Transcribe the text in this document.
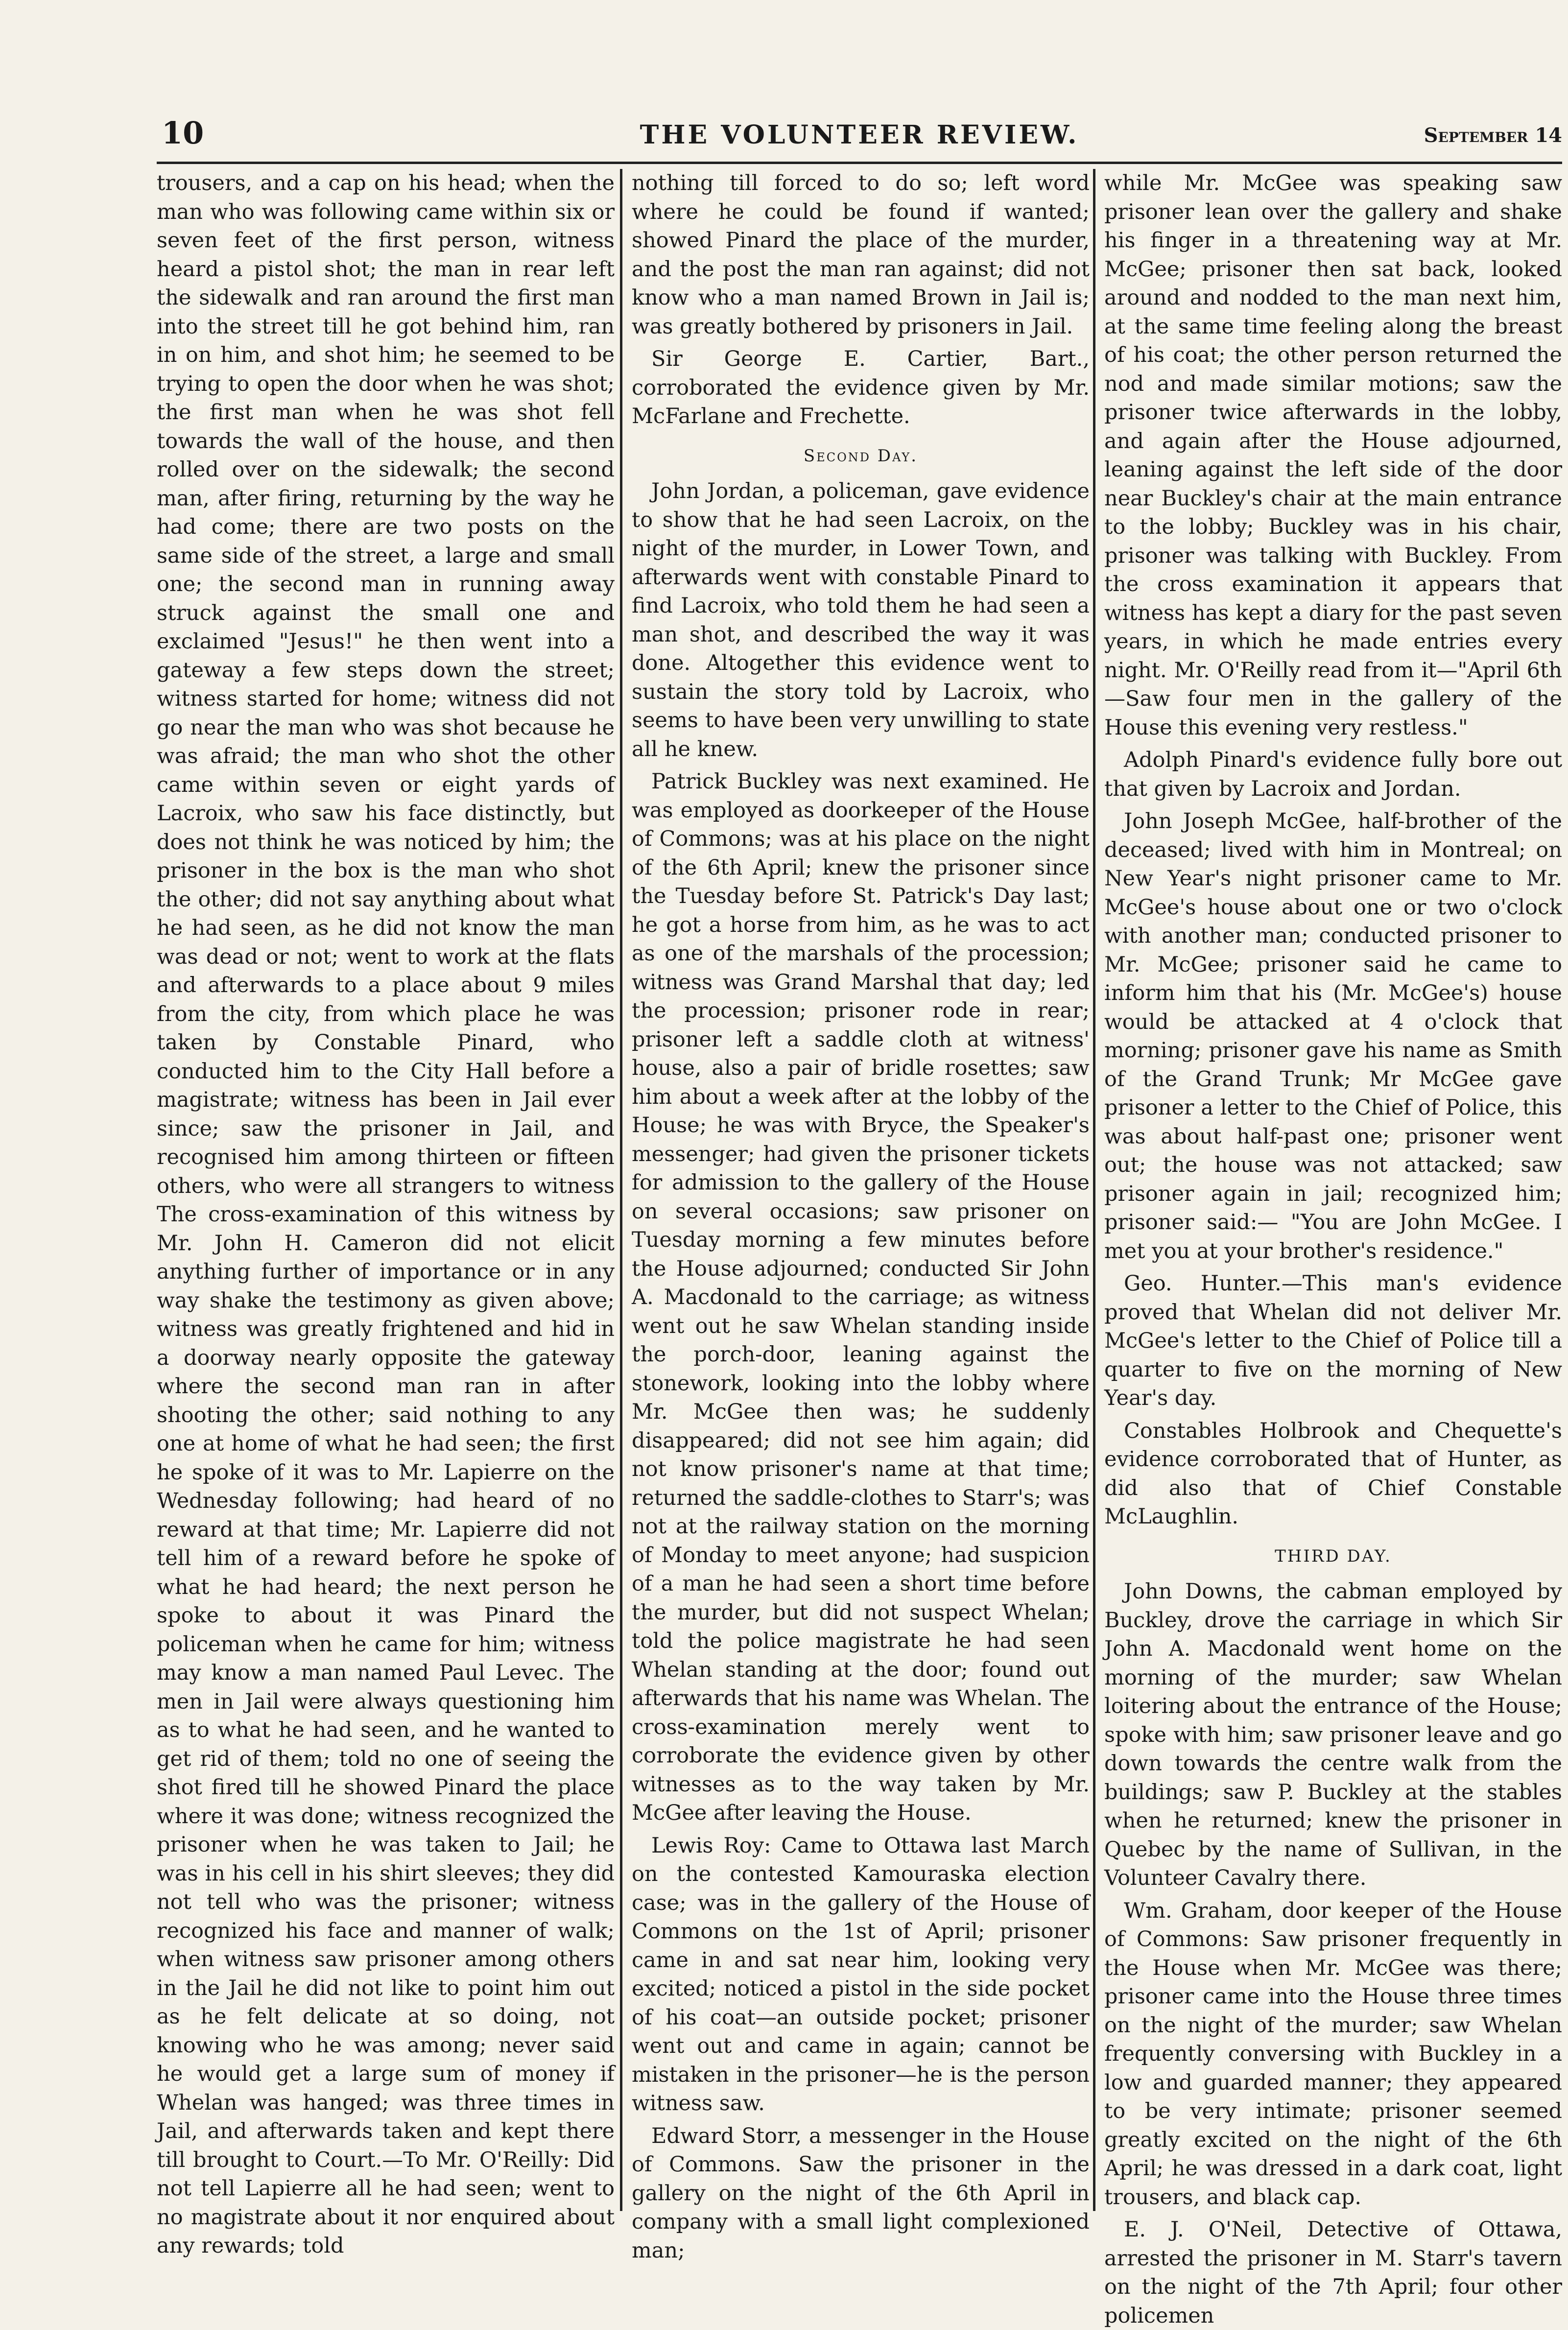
10	THE VOLUNTEER REVIEW.	September 14

trousers, and a cap on his head; when the man who was following came within six or seven feet of the first person, witness heard a pistol shot; the man in rear left the sidewalk and ran around the first man into the street till he got behind him, ran in on him, and shot him; he seemed to be trying to open the door when he was shot; the first man when he was shot fell towards the wall of the house, and then rolled over on the sidewalk; the second man, after firing, returning by the way he had come; there are two posts on the same side of the street, a large and small one; the second man in running away struck against the small one and exclaimed "Jesus!" he then went into a gateway a few steps down the street; witness started for home; witness did not go near the man who was shot because he was afraid; the man who shot the other came within seven or eight yards of Lacroix, who saw his face distinctly, but does not think he was noticed by him; the prisoner in the box is the man who shot the other; did not say anything about what he had seen, as he did not know the man was dead or not; went to work at the flats and afterwards to a place about 9 miles from the city, from which place he was taken by Constable Pinard, who conducted him to the City Hall before a magistrate; witness has been in Jail ever since; saw the prisoner in Jail, and recognised him among thirteen or fifteen others, who were all strangers to witness The cross-examination of this witness by Mr. John H. Cameron did not elicit anything further of importance or in any way shake the testimony as given above; witness was greatly frightened and hid in a doorway nearly opposite the gateway where the second man ran in after shooting the other; said nothing to any one at home of what he had seen; the first he spoke of it was to Mr. Lapierre on the Wednesday following; had heard of no reward at that time; Mr. Lapierre did not tell him of a reward before he spoke of what he had heard; the next person he spoke to about it was Pinard the policeman when he came for him; witness may know a man named Paul Levec. The men in Jail were always questioning him as to what he had seen, and he wanted to get rid of them; told no one of seeing the shot fired till he showed Pinard the place where it was done; witness recognized the prisoner when he was taken to Jail; he was in his cell in his shirt sleeves; they did not tell who was the prisoner; witness recognized his face and manner of walk; when witness saw prisoner among others in the Jail he did not like to point him out as he felt delicate at so doing, not knowing who he was among; never said he would get a large sum of money if Whelan was hanged; was three times in Jail, and afterwards taken and kept there till brought to Court.—To Mr. O'Reilly: Did not tell Lapierre all he had seen; went to no magistrate about it nor enquired about any rewards; told

nothing till forced to do so; left word where he could be found if wanted; showed Pinard the place of the murder, and the post the man ran against; did not know who a man named Brown in Jail is; was greatly bothered by prisoners in Jail.

Sir George E. Cartier, Bart., corroborated the evidence given by Mr. McFarlane and Frechette.

Second Day.

John Jordan, a policeman, gave evidence to show that he had seen Lacroix, on the night of the murder, in Lower Town, and afterwards went with constable Pinard to find Lacroix, who told them he had seen a man shot, and described the way it was done. Altogether this evidence went to sustain the story told by Lacroix, who seems to have been very unwilling to state all he knew.

Patrick Buckley was next examined. He was employed as doorkeeper of the House of Commons; was at his place on the night of the 6th April; knew the prisoner since the Tuesday before St. Patrick's Day last; he got a horse from him, as he was to act as one of the marshals of the procession; witness was Grand Marshal that day; led the procession; prisoner rode in rear; prisoner left a saddle cloth at witness' house, also a pair of bridle rosettes; saw him about a week after at the lobby of the House; he was with Bryce, the Speaker's messenger; had given the prisoner tickets for admission to the gallery of the House on several occasions; saw prisoner on Tuesday morning a few minutes before the House adjourned; conducted Sir John A. Macdonald to the carriage; as witness went out he saw Whelan standing inside the porch-door, leaning against the stonework, looking into the lobby where Mr. McGee then was; he suddenly disappeared; did not see him again; did not know prisoner's name at that time; returned the saddle-clothes to Starr's; was not at the railway station on the morning of Monday to meet anyone; had suspicion of a man he had seen a short time before the murder, but did not suspect Whelan; told the police magistrate he had seen Whelan standing at the door; found out afterwards that his name was Whelan. The cross-examination merely went to corroborate the evidence given by other witnesses as to the way taken by Mr. McGee after leaving the House.

Lewis Roy: Came to Ottawa last March on the contested Kamouraska election case; was in the gallery of the House of Commons on the 1st of April; prisoner came in and sat near him, looking very excited; noticed a pistol in the side pocket of his coat—an outside pocket; prisoner went out and came in again; cannot be mistaken in the prisoner—he is the person witness saw.

Edward Storr, a messenger in the House of Commons. Saw the prisoner in the gallery on the night of the 6th April in company with a small light complexioned man;

while Mr. McGee was speaking saw prisoner lean over the gallery and shake his finger in a threatening way at Mr. McGee; prisoner then sat back, looked around and nodded to the man next him, at the same time feeling along the breast of his coat; the other person returned the nod and made similar motions; saw the prisoner twice afterwards in the lobby, and again after the House adjourned, leaning against the left side of the door near Buckley's chair at the main entrance to the lobby; Buckley was in his chair, prisoner was talking with Buckley. From the cross examination it appears that witness has kept a diary for the past seven years, in which he made entries every night. Mr. O'Reilly read from it—"April 6th—Saw four men in the gallery of the House this evening very restless."

Adolph Pinard's evidence fully bore out that given by Lacroix and Jordan.

John Joseph McGee, half-brother of the deceased; lived with him in Montreal; on New Year's night prisoner came to Mr. McGee's house about one or two o'clock with another man; conducted prisoner to Mr. McGee; prisoner said he came to inform him that his (Mr. McGee's) house would be attacked at 4 o'clock that morning; prisoner gave his name as Smith of the Grand Trunk; Mr McGee gave prisoner a letter to the Chief of Police, this was about half-past one; prisoner went out; the house was not attacked; saw prisoner again in jail; recognized him; prisoner said:— "You are John McGee. I met you at your brother's residence."

Geo. Hunter.—This man's evidence proved that Whelan did not deliver Mr. McGee's letter to the Chief of Police till a quarter to five on the morning of New Year's day.

Constables Holbrook and Chequette's evidence corroborated that of Hunter, as did also that of Chief Constable McLaughlin.

THIRD DAY.

John Downs, the cabman employed by Buckley, drove the carriage in which Sir John A. Macdonald went home on the morning of the murder; saw Whelan loitering about the entrance of the House; spoke with him; saw prisoner leave and go down towards the centre walk from the buildings; saw P. Buckley at the stables when he returned; knew the prisoner in Quebec by the name of Sullivan, in the Volunteer Cavalry there.

Wm. Graham, door keeper of the House of Commons: Saw prisoner frequently in the House when Mr. McGee was there; prisoner came into the House three times on the night of the murder; saw Whelan frequently conversing with Buckley in a low and guarded manner; they appeared to be very intimate; prisoner seemed greatly excited on the night of the 6th April; he was dressed in a dark coat, light trousers, and black cap.

E. J. O'Neil, Detective of Ottawa, arrested the prisoner in M. Starr's tavern on the night of the 7th April; four other policemen
